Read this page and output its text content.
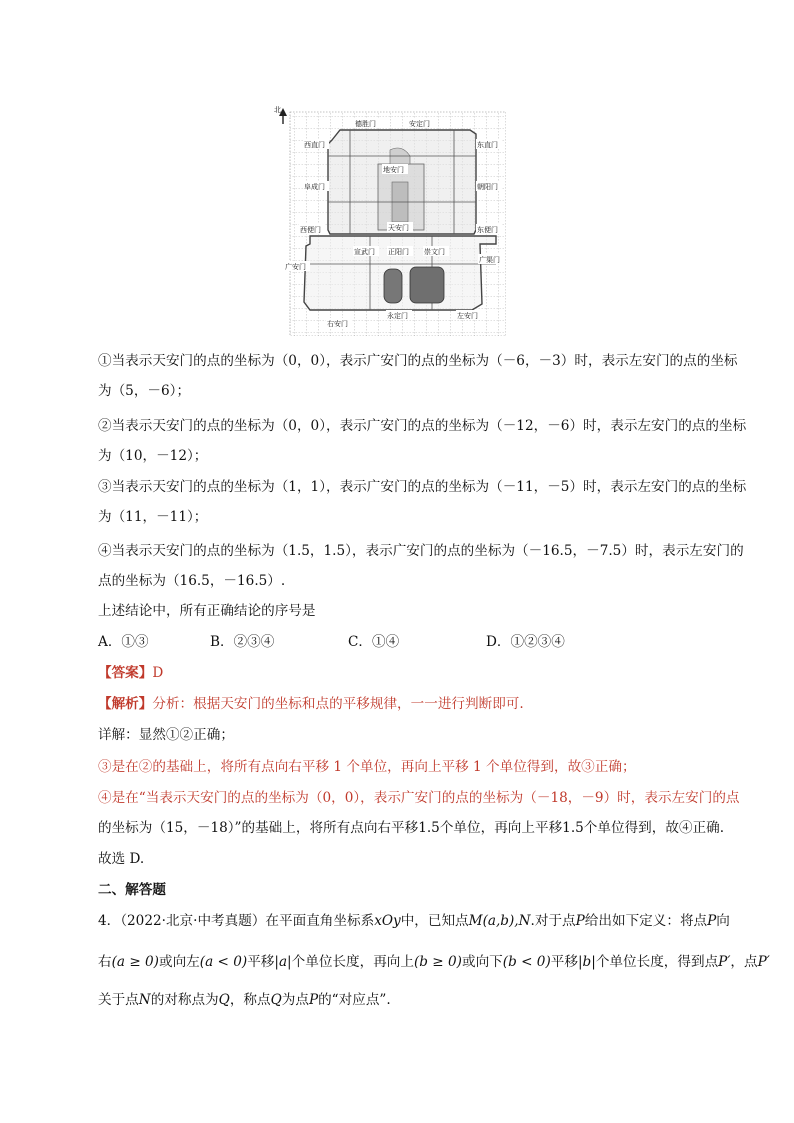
北
德胜门	安定门
西直门	东直门
地安门
阜成门	朝阳门
西便门	天安门	东便门
宣武门 正阳门 崇文门
广安门
广渠门
永定门	左安门
右安门
①当表示天安门的点的坐标为（0，0），表示广安门的点的坐标为（－6，－3）时，表示左安门的点的坐标
为（5，－6）；
②当表示天安门的点的坐标为（0，0），表示广安门的点的坐标为（－12，－6）时，表示左安门的点的坐标
为（10，－12）；
③当表示天安门的点的坐标为（1，1），表示广安门的点的坐标为（－11，－5）时，表示左安门的点的坐标
为（11，－11）；
④当表示天安门的点的坐标为（1.5，1.5），表示广安门的点的坐标为（－16.5，－7.5）时，表示左安门的
点的坐标为（16.5，－16.5）.
上述结论中，所有正确结论的序号是
A．①③	B．②③④	C．①④	D．①②③④
【答案】D
【解析】分析：根据天安门的坐标和点的平移规律，一一进行判断即可.
详解：显然①②正确；
③是在②的基础上，将所有点向右平移 1 个单位，再向上平移 1 个单位得到，故③正确；
④是在“当表示天安门的点的坐标为（0，0），表示广安门的点的坐标为（－18，－9）时，表示左安门的点
的坐标为（15，－18）”的基础上，将所有点向右平移1.5个单位，再向上平移1.5个单位得到，故④正确.
故选 D.
二、解答题
4．（2022·北京·中考真题）在平面直角坐标系xOy中，已知点M(a,b),N.对于点P给出如下定义：将点P向
右(a ≥ 0)或向左(a < 0)平移|a|个单位长度，再向上(b ≥ 0)或向下(b < 0)平移|b|个单位长度，得到点P′，点P′
关于点N的对称点为Q，称点Q为点P的“对应点”.
